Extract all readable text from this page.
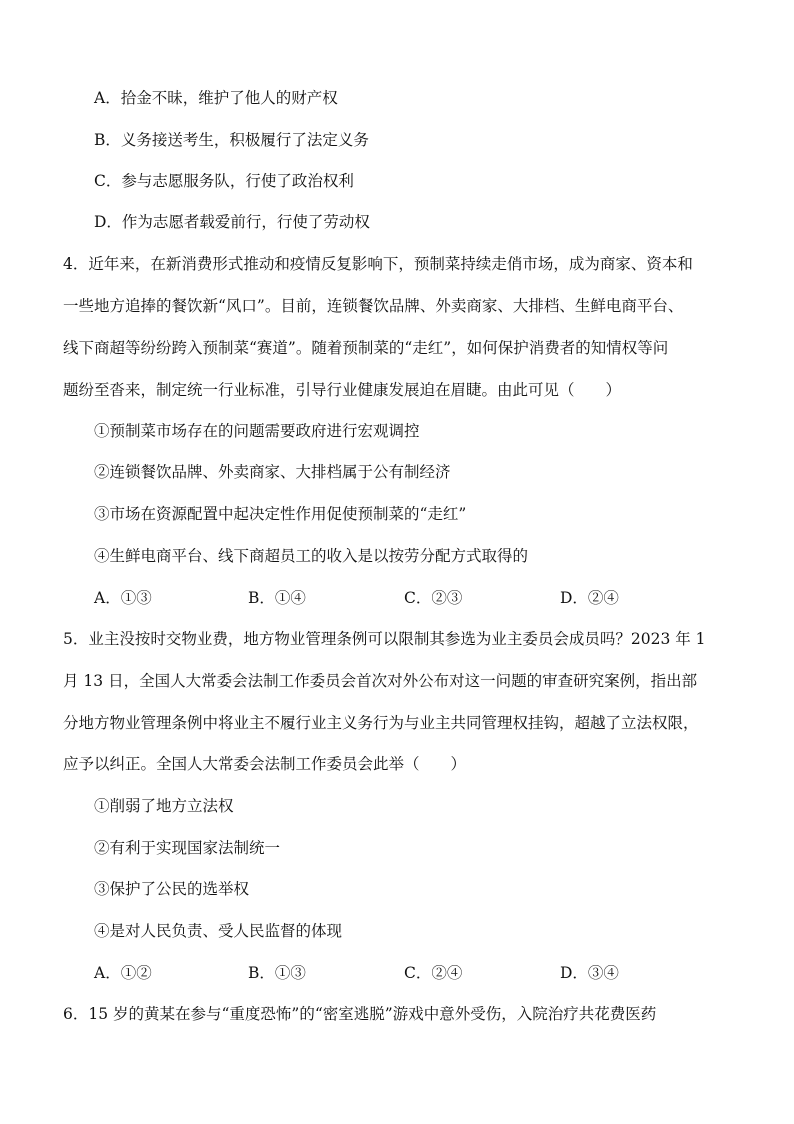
A．拾金不昧，维护了他人的财产权
B．义务接送考生，积极履行了法定义务
C．参与志愿服务队，行使了政治权利
D．作为志愿者载爱前行，行使了劳动权
4．近年来，在新消费形式推动和疫情反复影响下，预制菜持续走俏市场，成为商家、资本和
一些地方追捧的餐饮新“风口”。目前，连锁餐饮品牌、外卖商家、大排档、生鲜电商平台、
线下商超等纷纷跨入预制菜“赛道”。随着预制菜的“走红”，如何保护消费者的知情权等问
题纷至沓来，制定统一行业标准，引导行业健康发展迫在眉睫。由此可见（　　）
①预制菜市场存在的问题需要政府进行宏观调控
②连锁餐饮品牌、外卖商家、大排档属于公有制经济
③市场在资源配置中起决定性作用促使预制菜的“走红”
④生鲜电商平台、线下商超员工的收入是以按劳分配方式取得的
A．①③	B．①④	C．②③	D．②④
5．业主没按时交物业费，地方物业管理条例可以限制其参选为业主委员会成员吗？2023 年 1
月 13 日，全国人大常委会法制工作委员会首次对外公布对这一问题的审查研究案例，指出部
分地方物业管理条例中将业主不履行业主义务行为与业主共同管理权挂钩，超越了立法权限，
应予以纠正。全国人大常委会法制工作委员会此举（　　）
①削弱了地方立法权
②有利于实现国家法制统一
③保护了公民的选举权
④是对人民负责、受人民监督的体现
A．①②	B．①③	C．②④	D．③④
6．15 岁的黄某在参与“重度恐怖”的“密室逃脱”游戏中意外受伤，入院治疗共花费医药
